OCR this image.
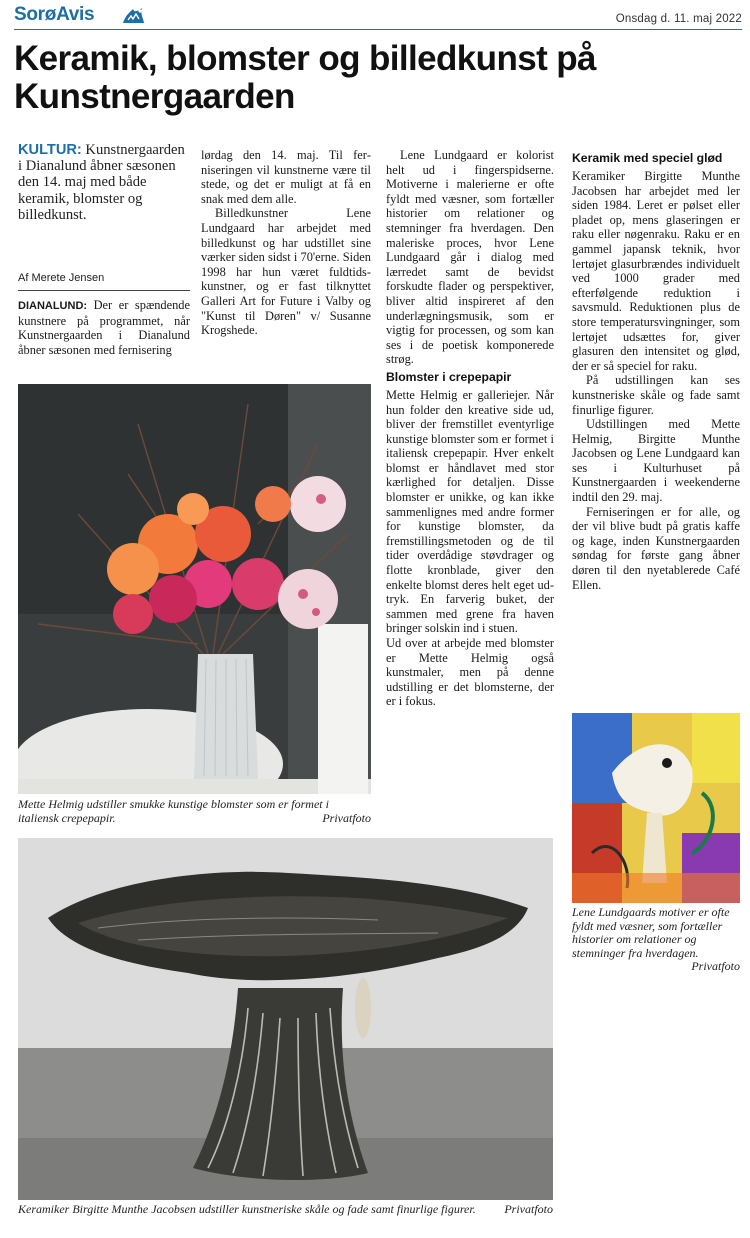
SorøAvis	Onsdag d. 11. maj 2022
Keramik, blomster og billedkunst på Kunstnergaarden
KULTUR: Kunstnergaarden i Dianalund åbner sæsonen den 14. maj med både keramik, blomster og billedkunst.
Af Merete Jensen

DIANALUND: Der er spændende kunstnere på programmet, når Kunstnergaarden i Dianalund åbner sæsonen med fernisering

lørdag den 14. maj. Til ferniseringen vil kunstnerne være til stede, og det er muligt at få en snak med dem alle.

Billedkunstner Lene Lundgaard har arbejdet med billedkunst og har udstillet sine værker siden sidst i 70'erne. Siden 1998 har hun været fuldtidskunstner, og er fast tilknyttet Galleri Art for Future i Valby og "Kunst til Døren" v/ Susanne Krogshede.

Lene Lundgaard er kolorist helt ud i fingerspidserne. Motiverne i malerierne er ofte fyldt med væsner, som fortæller historier om relationer og stemninger fra hverdagen. Den maleriske proces, hvor Lene Lundgaard går i dialog med lærredet samt de bevidst forskudte flader og perspektiver, bliver altid inspireret af den underlægningsmusik, som er vigtig for processen, og som kan ses i de poetisk komponerede strøg.

Blomster i crepepapir

Mette Helmig er galleriejer. Når hun folder den kreative side ud, bliver der fremstillet eventyrlige kunstige blomster som er formet i italiensk crepepapir. Hver enkelt blomst er håndlavet med stor kærlighed for detaljen. Disse blomster er unikke, og kan ikke sammenlignes med andre former for kunstige blomster, da fremstillingsmetoden og de til tider overdådige støvdrager og flotte kronblade, giver den enkelte blomst deres helt eget udtryk. En farverig buket, der sammen med grene fra haven bringer solskin ind i stuen.

Ud over at arbejde med blomster er Mette Helmig også kunstmaler, men på denne udstilling er det blomsterne, der er i fokus.

Keramik med speciel glød

Keramiker Birgitte Munthe Jacobsen har arbejdet med ler siden 1984. Leret er pølset eller pladet op, mens glaseringen er raku eller nøgenraku. Raku er en gammel japansk teknik, hvor lertøjet glasurbrændes individuelt ved 1000 grader med efterfølgende reduktion i savsmuld. Reduktionen plus de store temperatursvingninger, som lertøjet udsættes for, giver glasuren den intensitet og glød, der er så speciel for raku.

På udstillingen kan ses kunstneriske skåle og fade samt finurlige figurer.

Udstillingen med Mette Helmig, Birgitte Munthe Jacobsen og Lene Lundgaard kan ses i Kulturhuset på Kunstnergaarden i weekenderne indtil den 29. maj.

Ferniseringen er for alle, og der vil blive budt på gratis kaffe og kage, inden Kunstnergaarden søndag for første gang åbner døren til den nyetablerede Café Ellen.

Mette Helmig udstiller smukke kunstige blomster som er formet i italiensk crepepapir.	Privatfoto
Lene Lundgaards motiver er ofte fyldt med væsner, som fortæller historier om relationer og stemninger fra hverdagen.
Privatfoto
Keramiker Birgitte Munthe Jacobsen udstiller kunstneriske skåle og fade samt finurlige figurer. Privatfoto
